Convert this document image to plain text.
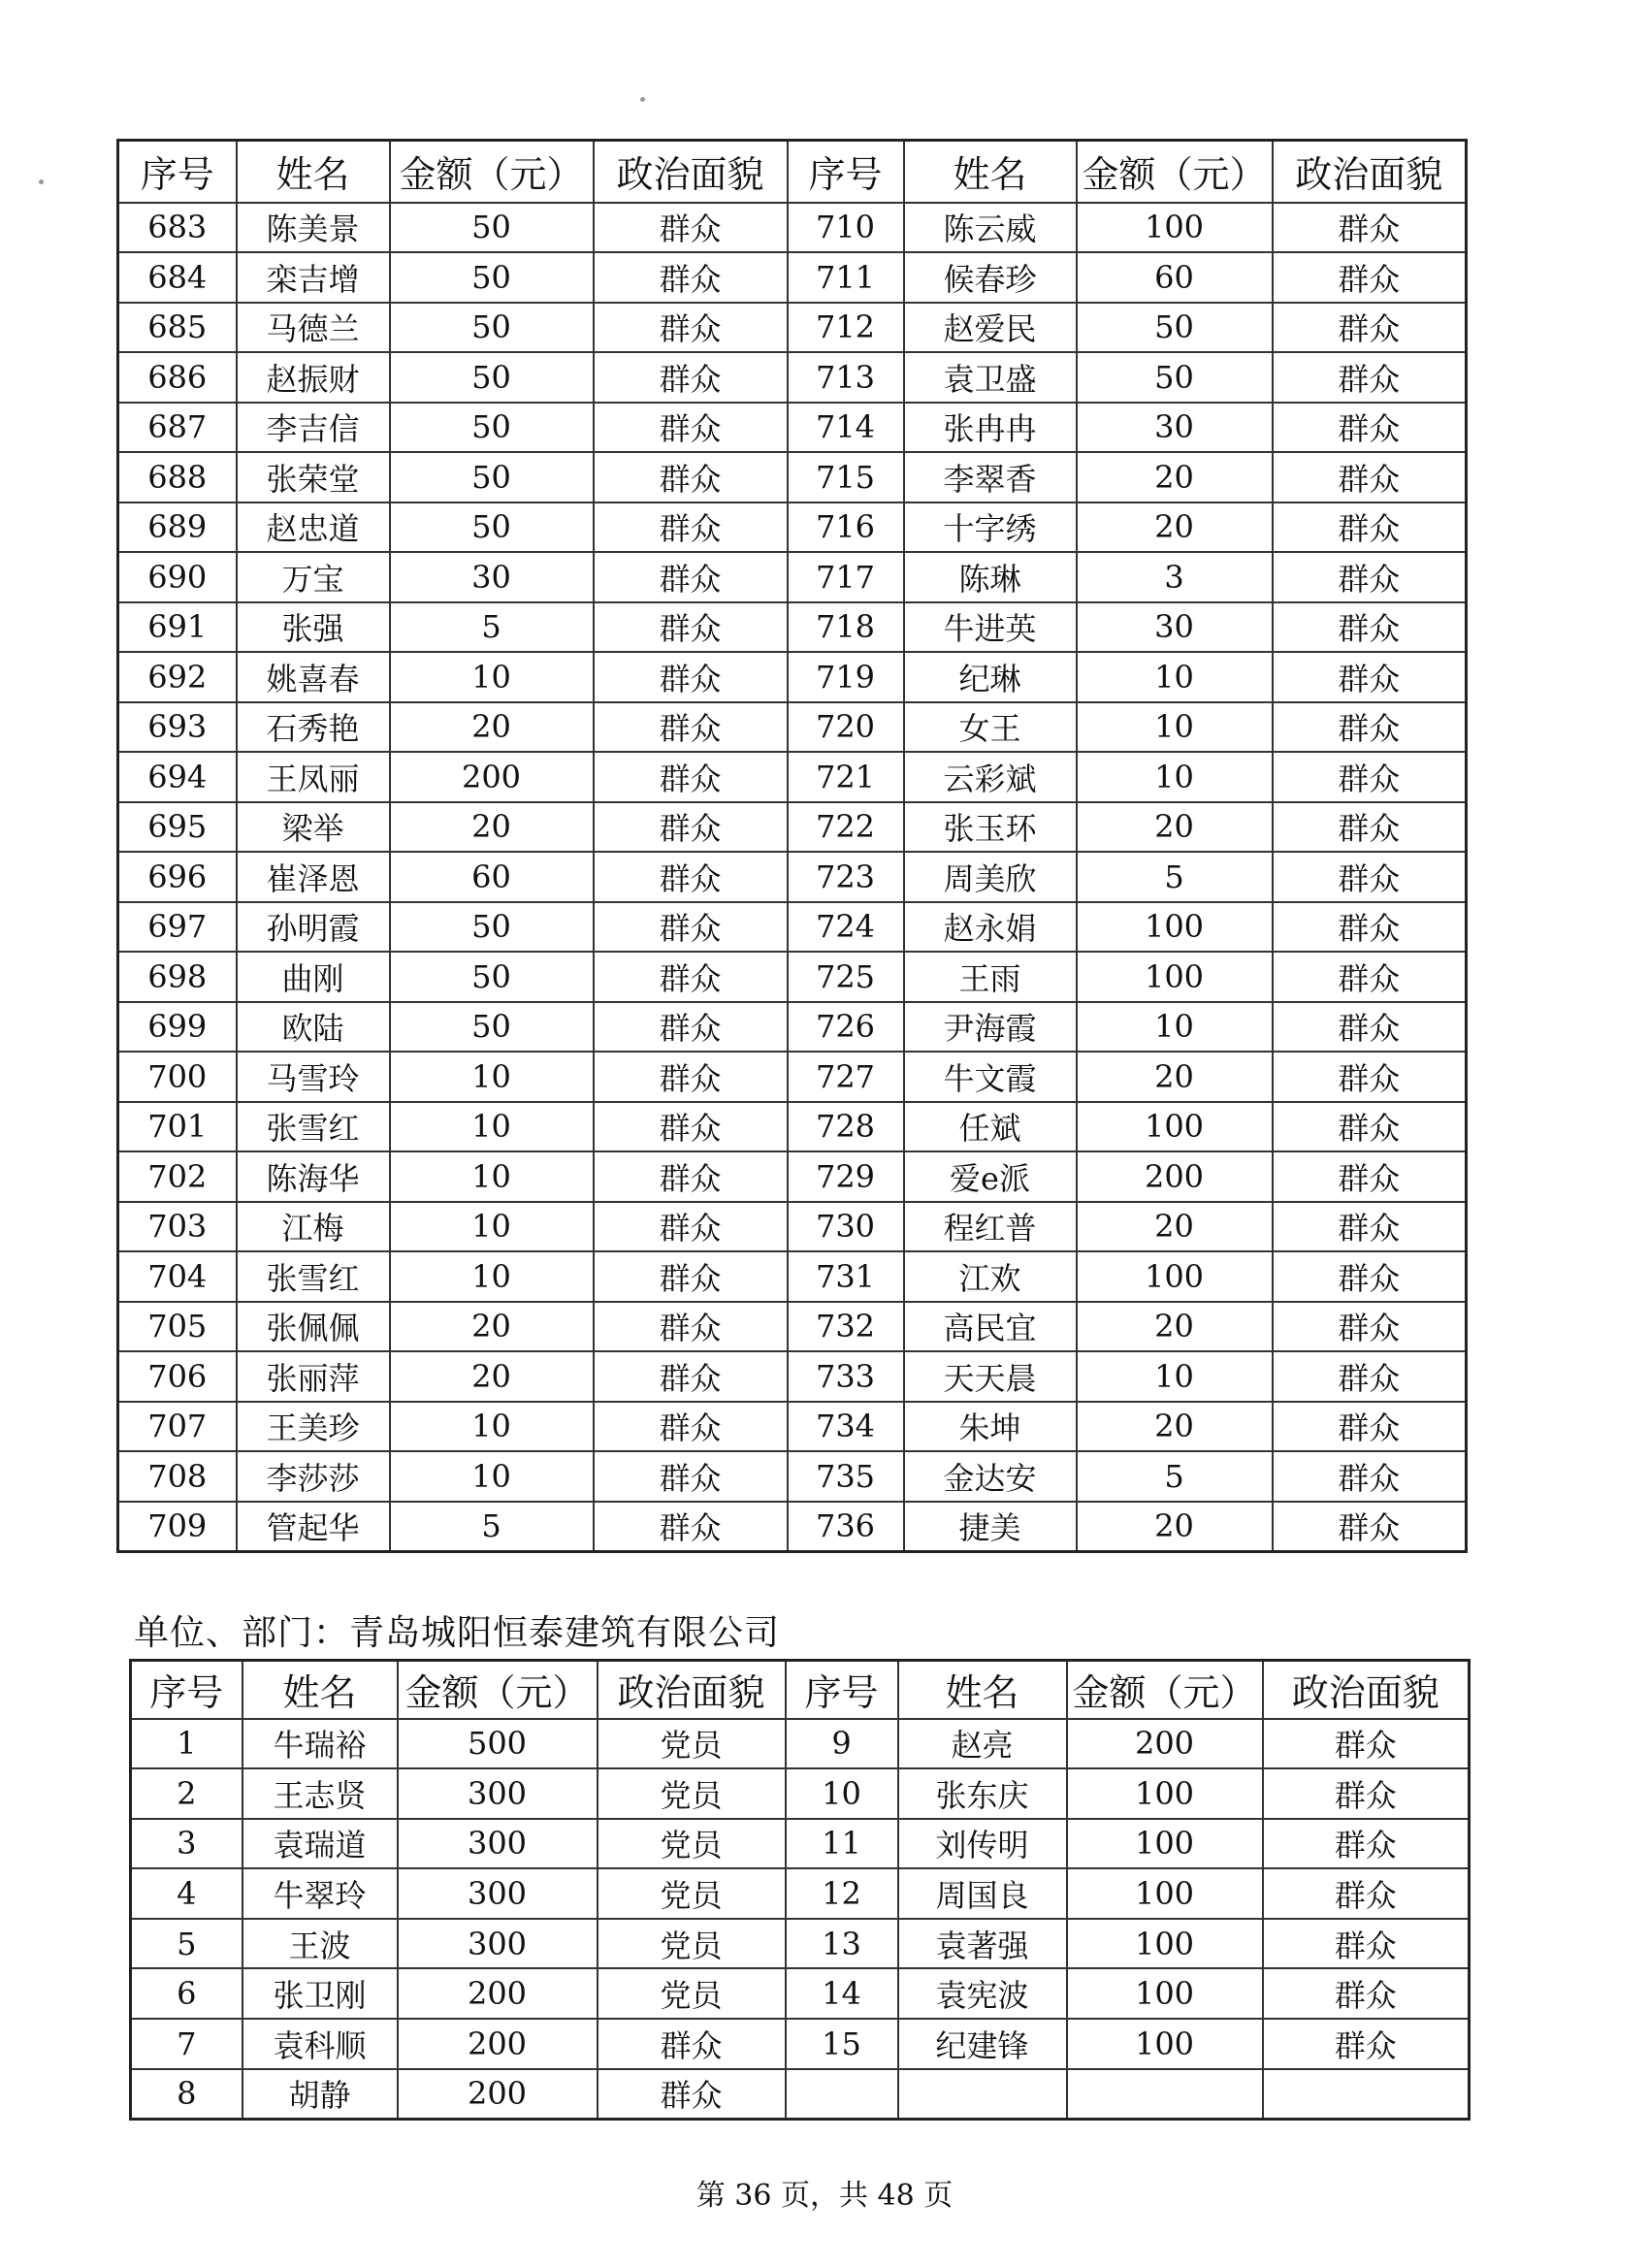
序号	姓名	金额（元）	政治面貌	序号	姓名	金额（元）	政治面貌
683	陈美景	50	群众	710	陈云威	100	群众
684	栾吉增	50	群众	711	候春珍	60	群众
685	马德兰	50	群众	712	赵爱民	50	群众
686	赵振财	50	群众	713	袁卫盛	50	群众
687	李吉信	50	群众	714	张冉冉	30	群众
688	张荣堂	50	群众	715	李翠香	20	群众
689	赵忠道	50	群众	716	十字绣	20	群众
690	万宝	30	群众	717	陈琳	3	群众
691	张强	5	群众	718	牛进英	30	群众
692	姚喜春	10	群众	719	纪琳	10	群众
693	石秀艳	20	群众	720	女王	10	群众
694	王凤丽	200	群众	721	云彩斌	10	群众
695	梁举	20	群众	722	张玉环	20	群众
696	崔泽恩	60	群众	723	周美欣	5	群众
697	孙明霞	50	群众	724	赵永娟	100	群众
698	曲刚	50	群众	725	王雨	100	群众
699	欧陆	50	群众	726	尹海霞	10	群众
700	马雪玲	10	群众	727	牛文霞	20	群众
701	张雪红	10	群众	728	任斌	100	群众
702	陈海华	10	群众	729	爱e派	200	群众
703	江梅	10	群众	730	程红普	20	群众
704	张雪红	10	群众	731	江欢	100	群众
705	张佩佩	20	群众	732	高民宜	20	群众
706	张丽萍	20	群众	733	天天晨	10	群众
707	王美珍	10	群众	734	朱坤	20	群众
708	李莎莎	10	群众	735	金达安	5	群众
709	管起华	5	群众	736	捷美	20	群众
单位、部门：青岛城阳恒泰建筑有限公司
序号	姓名	金额（元）	政治面貌	序号	姓名	金额（元）	政治面貌
1	牛瑞裕	500	党员	9	赵亮	200	群众
2	王志贤	300	党员	10	张东庆	100	群众
3	袁瑞道	300	党员	11	刘传明	100	群众
4	牛翠玲	300	党员	12	周国良	100	群众
5	王波	300	党员	13	袁著强	100	群众
6	张卫刚	200	党员	14	袁宪波	100	群众
7	袁科顺	200	群众	15	纪建锋	100	群众
8	胡静	200	群众				
第 36 页，共 48 页
